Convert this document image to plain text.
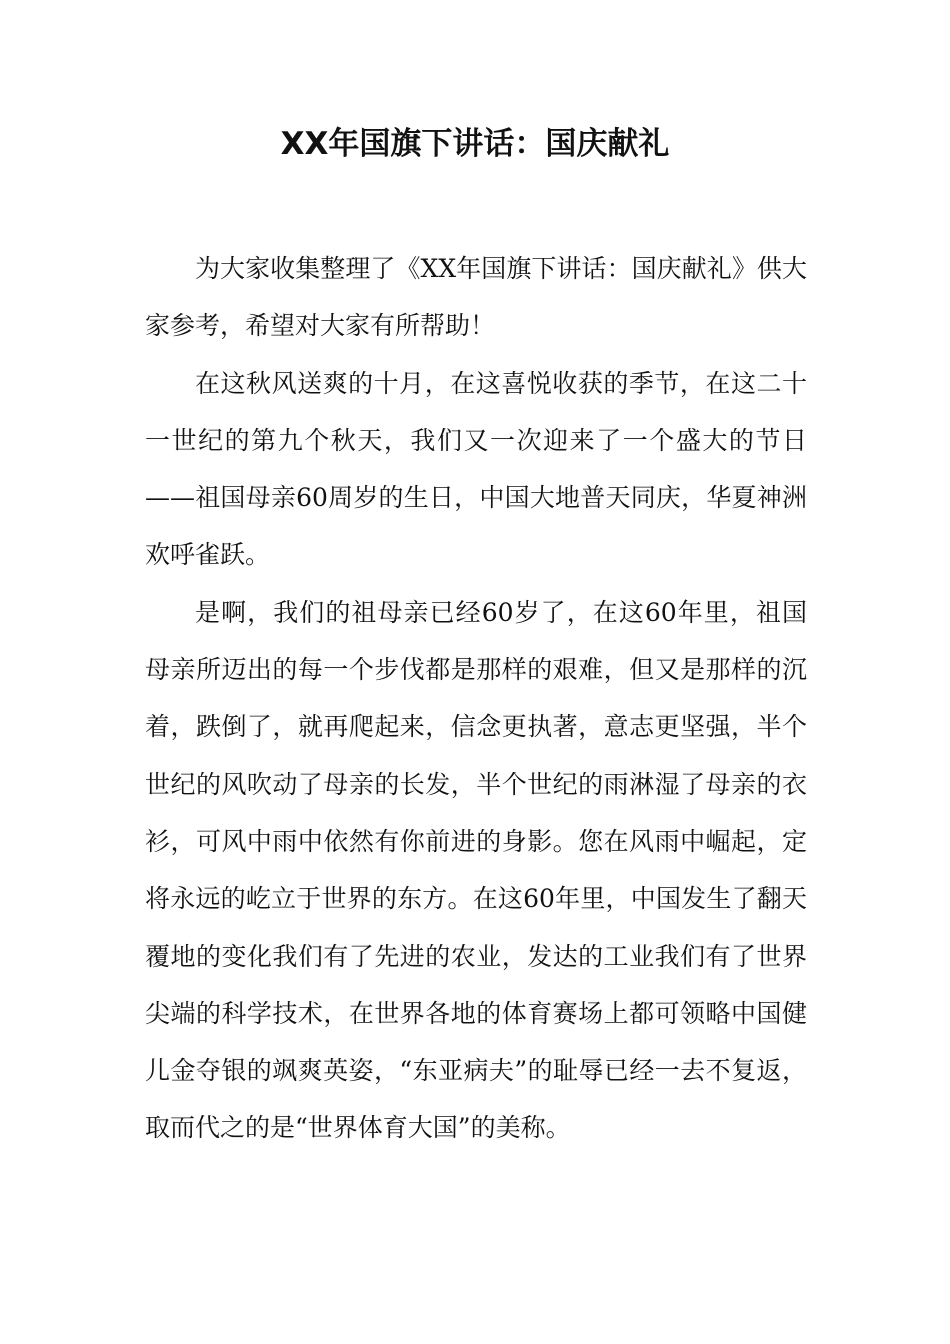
XX年国旗下讲话：国庆献礼

为大家收集整理了《XX年国旗下讲话：国庆献礼》供大家参考，希望对大家有所帮助！

在这秋风送爽的十月，在这喜悦收获的季节，在这二十一世纪的第九个秋天，我们又一次迎来了一个盛大的节日——祖国母亲60周岁的生日，中国大地普天同庆，华夏神洲欢呼雀跃。

是啊，我们的祖母亲已经60岁了，在这60年里，祖国母亲所迈出的每一个步伐都是那样的艰难，但又是那样的沉着，跌倒了，就再爬起来，信念更执著，意志更坚强，半个世纪的风吹动了母亲的长发，半个世纪的雨淋湿了母亲的衣衫，可风中雨中依然有你前进的身影。您在风雨中崛起，定将永远的屹立于世界的东方。在这60年里，中国发生了翻天覆地的变化我们有了先进的农业，发达的工业我们有了世界尖端的科学技术，在世界各地的体育赛场上都可领略中国健儿金夺银的飒爽英姿，“东亚病夫”的耻辱已经一去不复返，取而代之的是“世界体育大国”的美称。
